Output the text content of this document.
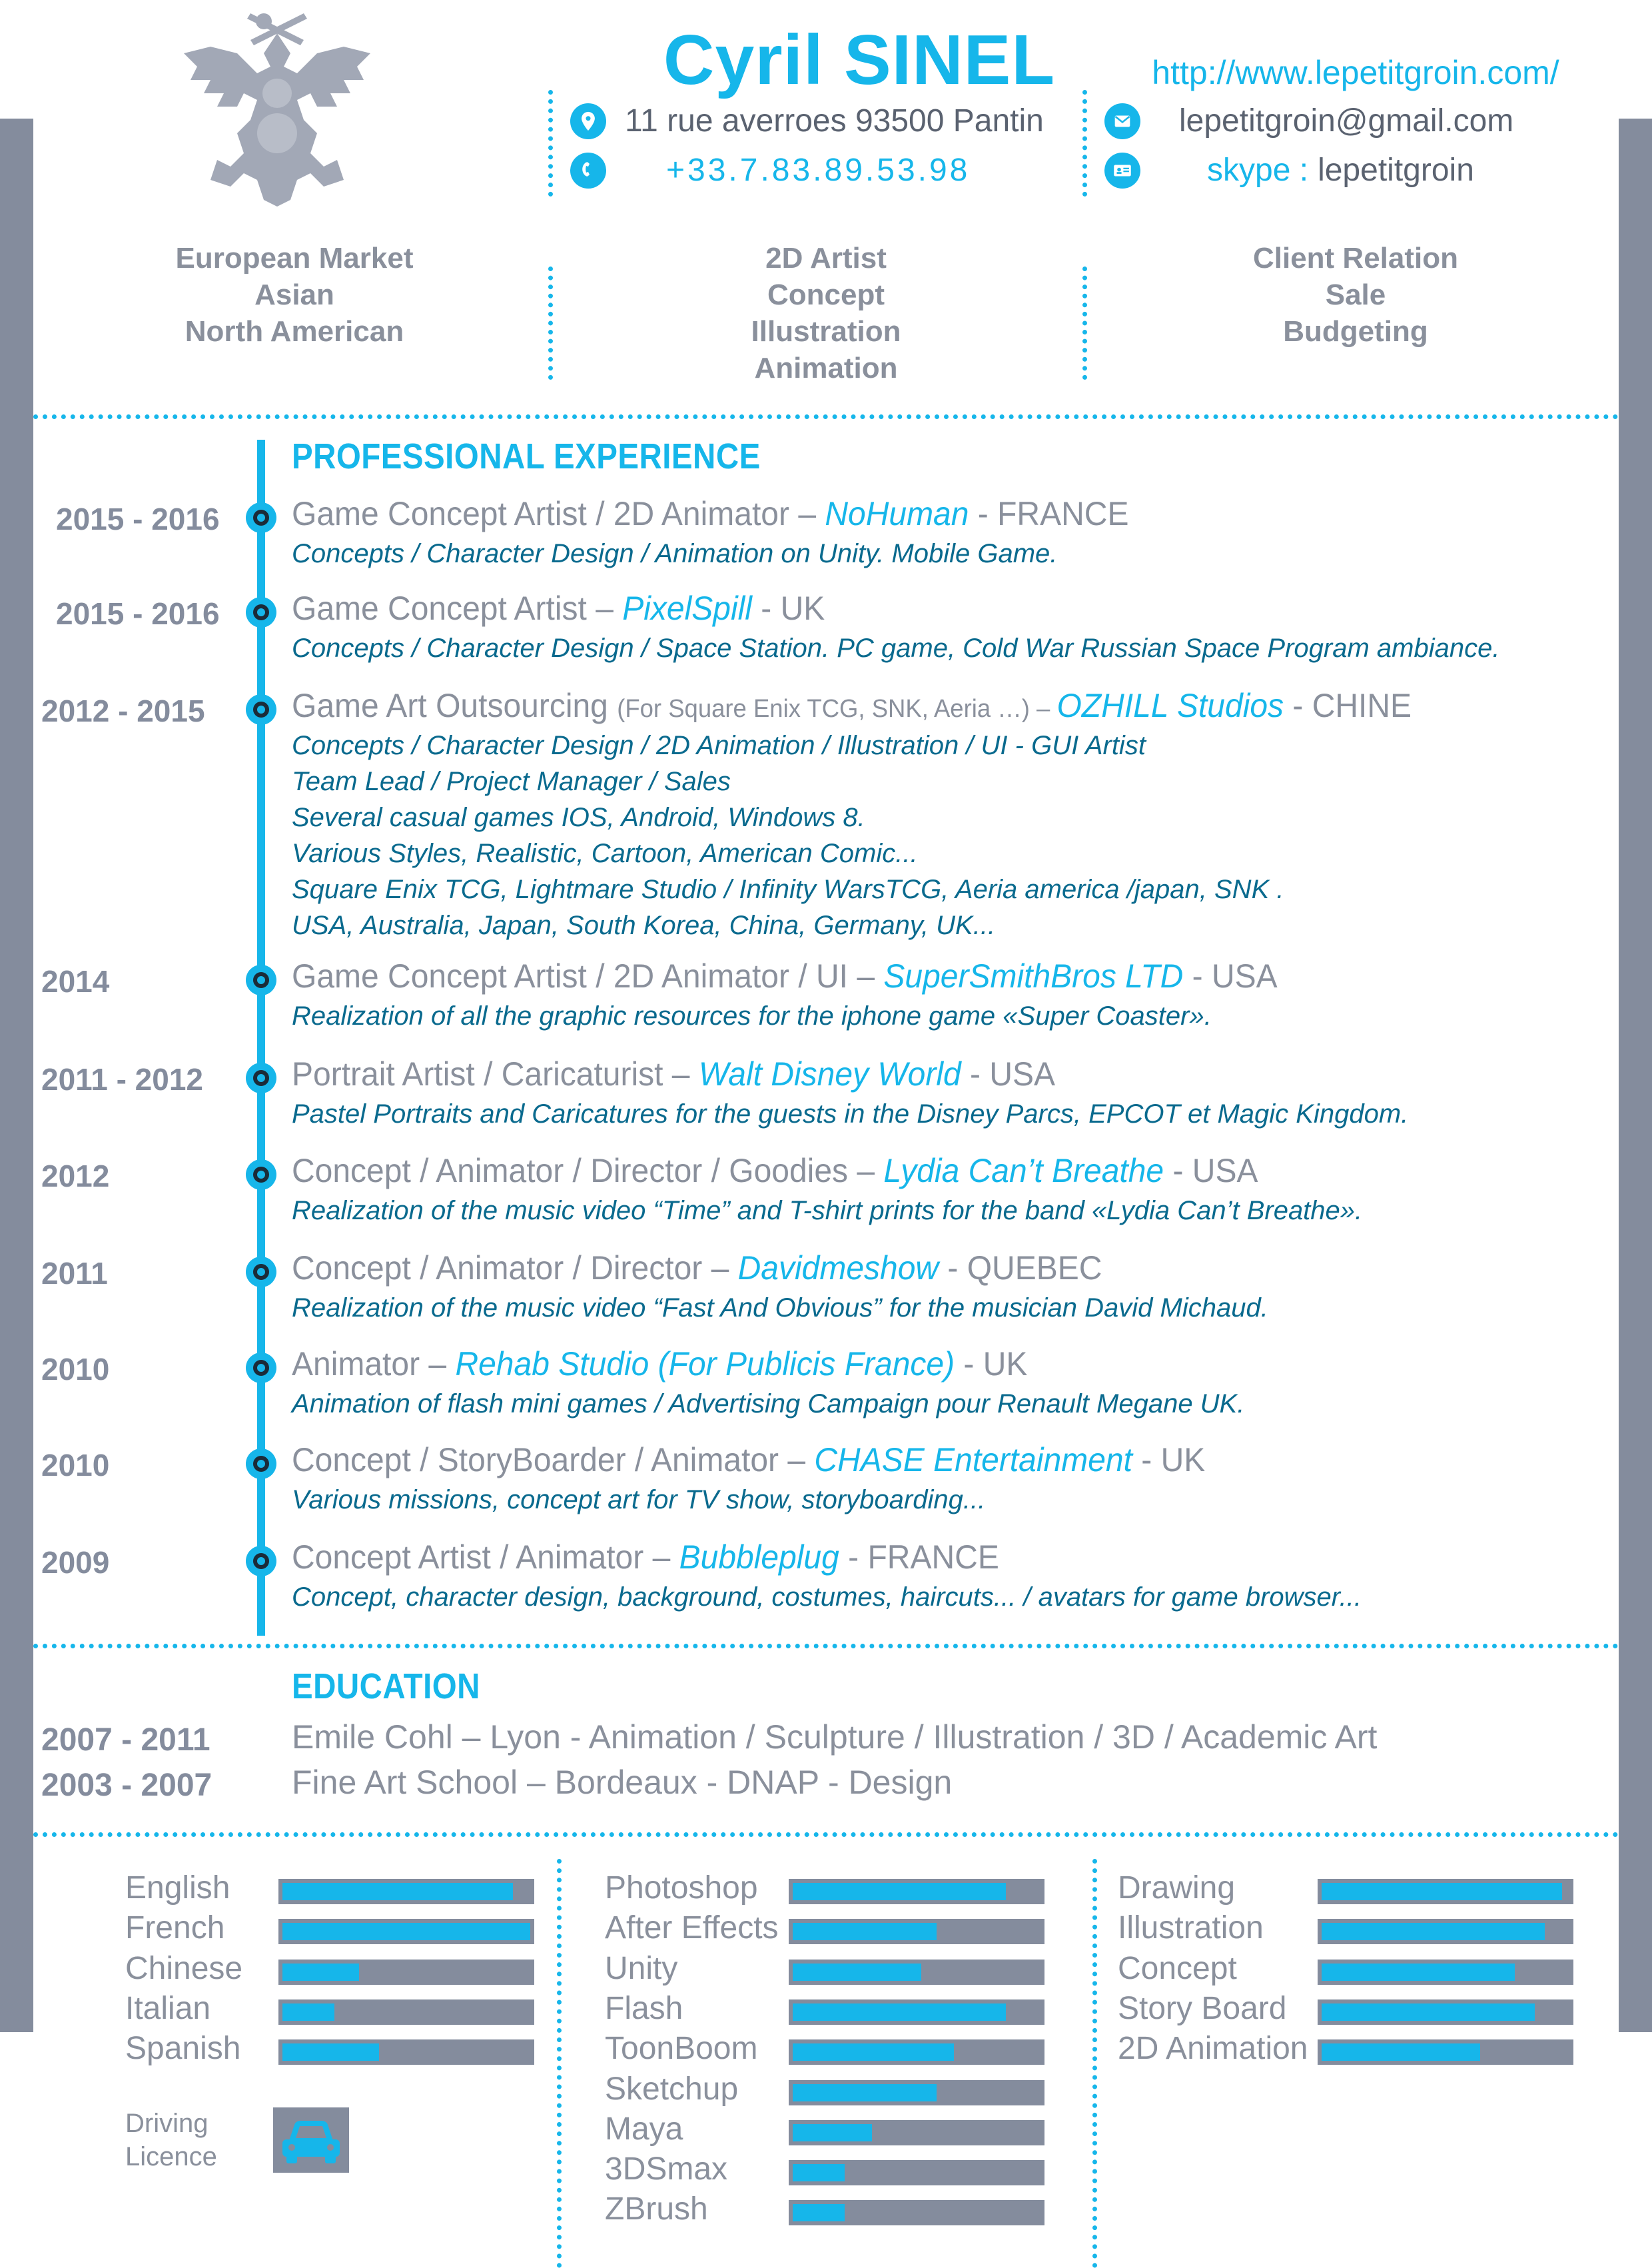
Cyril SINEL	http://www.lepetitgroin.com/
11 rue averroes 93500 Pantin
+33.7.83.89.53.98
lepetitgroin@gmail.com
skype : lepetitgroin
European Market
Asian
North American
2D Artist
Concept
Illustration
Animation
Client Relation
Sale
Budgeting
PROFESSIONAL EXPERIENCE
2015 - 2016 Game Concept Artist / 2D Animator – NoHuman - FRANCE
Concepts / Character Design / Animation on Unity. Mobile Game.
2015 - 2016 Game Concept Artist – PixelSpill - UK
Concepts / Character Design / Space Station. PC game, Cold War Russian Space Program ambiance.
2012 - 2015	Game Art Outsourcing (For Square Enix TCG, SNK, Aeria …) – OZHILL Studios - CHINE
Concepts / Character Design / 2D Animation / Illustration / UI - GUI Artist
Team Lead / Project Manager / Sales
Several casual games IOS, Android, Windows 8.
Various Styles, Realistic, Cartoon, American Comic...
Square Enix TCG, Lightmare Studio / Infinity WarsTCG, Aeria america /japan, SNK .
USA, Australia, Japan, South Korea, China, Germany, UK...
2014	Game Concept Artist / 2D Animator / UI – SuperSmithBros LTD - USA
Realization of all the graphic resources for the iphone game «Super Coaster».
2011 - 2012	Portrait Artist / Caricaturist – Walt Disney World - USA
Pastel Portraits and Caricatures for the guests in the Disney Parcs, EPCOT et Magic Kingdom.
2012	Concept / Animator / Director / Goodies – Lydia Can’t Breathe - USA
Realization of the music video “Time” and T-shirt prints for the band «Lydia Can’t Breathe».
2011	Concept / Animator / Director – Davidmeshow - QUEBEC
Realization of the music video “Fast And Obvious” for the musician David Michaud.
2010	Animator – Rehab Studio (For Publicis France) - UK
Animation of flash mini games / Advertising Campaign pour Renault Megane UK.
2010	Concept / StoryBoarder / Animator – CHASE Entertainment - UK
Various missions, concept art for TV show, storyboarding...
2009	Concept Artist / Animator – Bubbleplug - FRANCE
Concept, character design, background, costumes, haircuts... / avatars for game browser...
EDUCATION
2007 - 2011 Emile Cohl – Lyon - Animation / Sculpture / Illustration / 3D / Academic Art
2003 - 2007 Fine Art School – Bordeaux - DNAP - Design
English
French
Chinese
Italian
Spanish
Photoshop
After Effects
Unity
Flash
ToonBoom
Sketchup
Maya
3DSmax
ZBrush
Drawing
Illustration
Concept
Story Board
2D Animation
Driving
Licence
